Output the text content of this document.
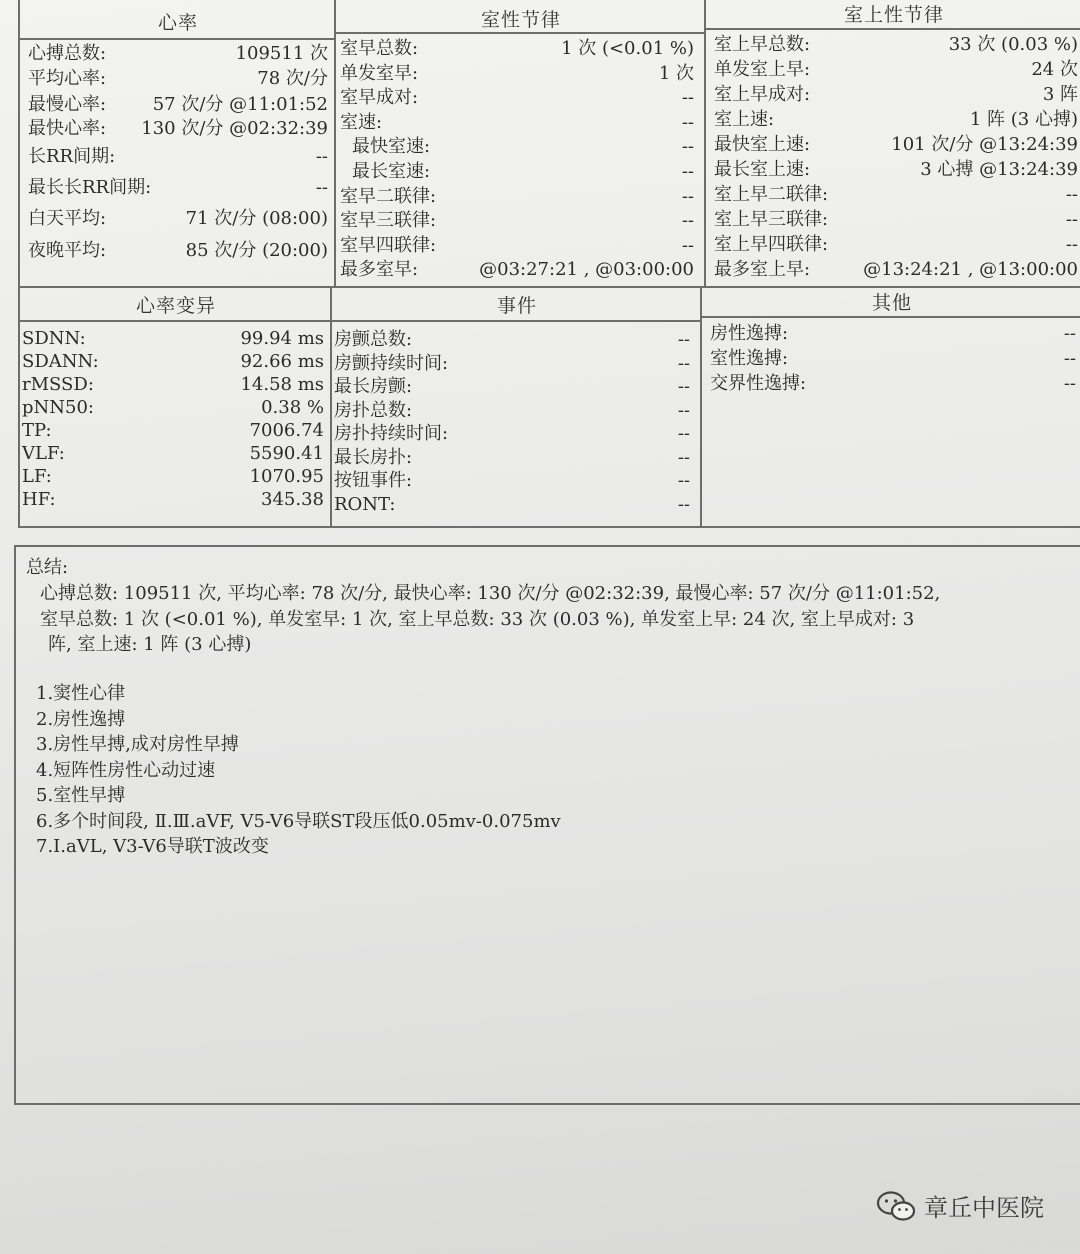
心率
心搏总数:	109511 次
平均心率:	78 次/分
最慢心率:	57 次/分 @11:01:52
最快心率: 130 次/分 @02:32:39
长RR间期:	--
最长长RR间期:	--
白天平均:	71 次/分 (08:00)
夜晚平均:	85 次/分 (20:00)
室性节律
室早总数:	1 次 (<0.01 %)
单发室早:	1 次
室早成对:	--
室速:	--
最快室速:	--
最长室速:	--
室早二联律:	--
室早三联律:	--
室早四联律:	--
最多室早:	@03:27:21 , @03:00:00
室上性节律
室上早总数:	33 次 (0.03 %)
单发室上早:	24 次
室上早成对:	3 阵
室上速:	1 阵 (3 心搏)
最快室上速:	101 次/分 @13:24:39
最长室上速:	3 心搏 @13:24:39
室上早二联律:	--
室上早三联律:	--
室上早四联律:	--
最多室上早:	@13:24:21 , @13:00:00
心率变异
SDNN:	99.94 ms
SDANN:	92.66 ms
rMSSD:	14.58 ms
pNN50:	0.38 %
TP:	7006.74
VLF:	5590.41
LF:	1070.95
HF:	345.38
事件
房颤总数:	--
房颤持续时间:	--
最长房颤:	--
房扑总数:	--
房扑持续时间:	--
最长房扑:	--
按钮事件:	--
RONT:	--
其他
房性逸搏:	--
室性逸搏:	--
交界性逸搏:	--
总结:
心搏总数: 109511 次, 平均心率: 78 次/分, 最快心率: 130 次/分 @02:32:39, 最慢心率: 57 次/分 @11:01:52,
室早总数: 1 次 (<0.01 %), 单发室早: 1 次, 室上早总数: 33 次 (0.03 %), 单发室上早: 24 次, 室上早成对: 3
阵, 室上速: 1 阵 (3 心搏)
1.窦性心律
2.房性逸搏
3.房性早搏,成对房性早搏
4.短阵性房性心动过速
5.室性早搏
6.多个时间段, Ⅱ.Ⅲ.aVF, V5-V6导联ST段压低0.05mv-0.075mv
7.Ⅰ.aVL, V3-V6导联T波改变
章丘中医院
